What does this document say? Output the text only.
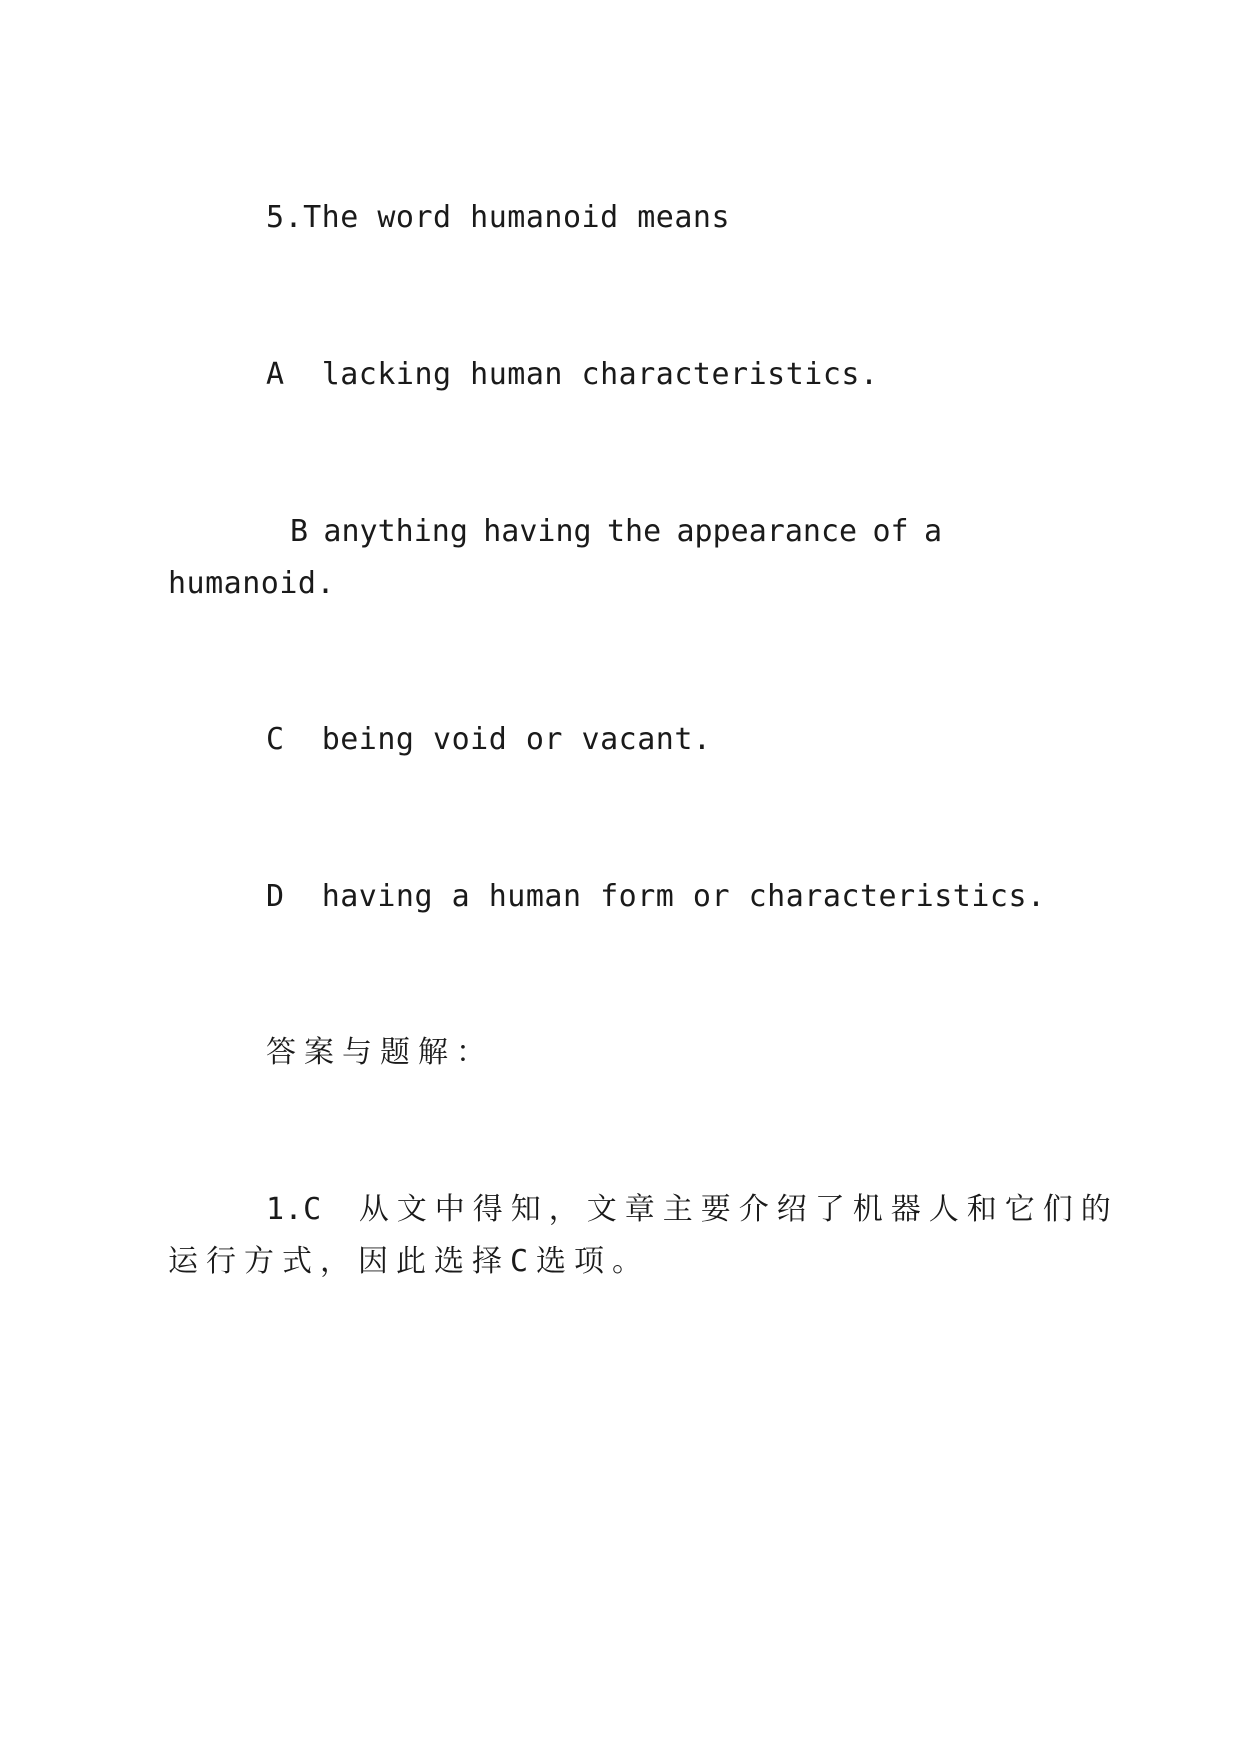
5.The word humanoid means
A lacking human characteristics.
B anything having the appearance of a
humanoid.
C being void or vacant.
D having a human form or characteristics.
答案与题解：
1.C 从文中得知，文章主要介绍了机器人和它们的
运行方式，因此选择C选项。
